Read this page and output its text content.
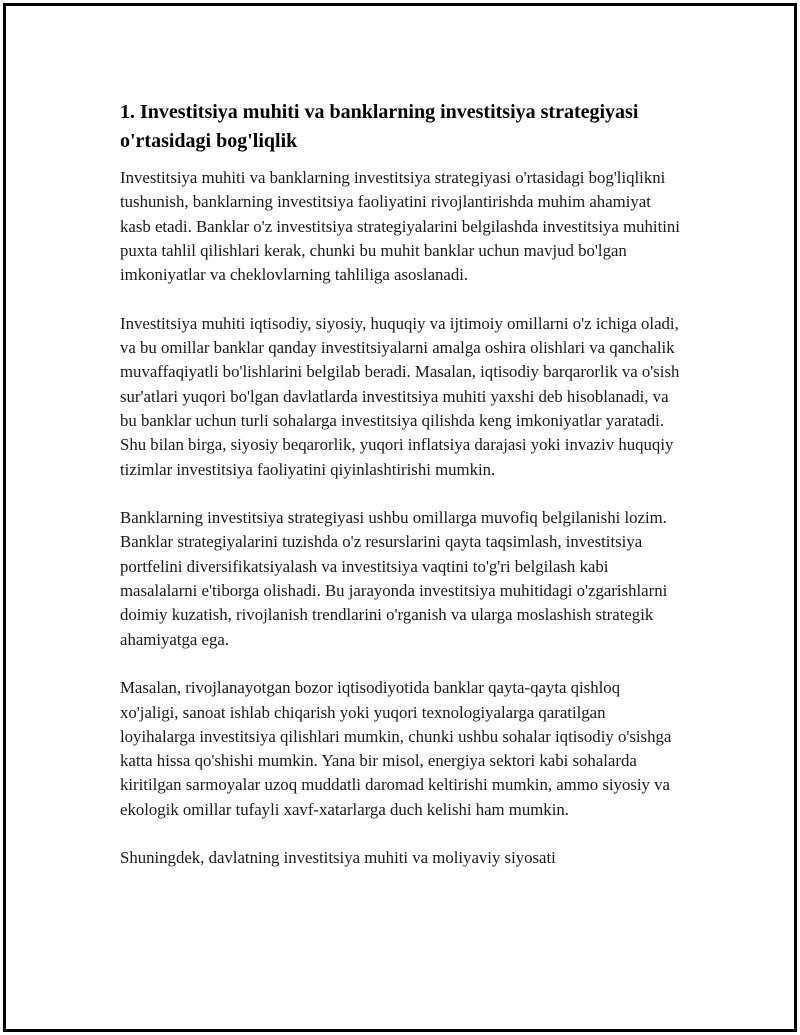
1. Investitsiya muhiti va banklarning investitsiya strategiyasi o'rtasidagi bog'liqlik

Investitsiya muhiti va banklarning investitsiya strategiyasi o'rtasidagi bog'liqlikni tushunish, banklarning investitsiya faoliyatini rivojlantirishda muhim ahamiyat kasb etadi. Banklar o'z investitsiya strategiyalarini belgilashda investitsiya muhitini puxta tahlil qilishlari kerak, chunki bu muhit banklar uchun mavjud bo'lgan imkoniyatlar va cheklovlarning tahliliga asoslanadi.

Investitsiya muhiti iqtisodiy, siyosiy, huquqiy va ijtimoiy omillarni o'z ichiga oladi, va bu omillar banklar qanday investitsiyalarni amalga oshira olishlari va qanchalik muvaffaqiyatli bo'lishlarini belgilab beradi. Masalan, iqtisodiy barqarorlik va o'sish sur'atlari yuqori bo'lgan davlatlarda investitsiya muhiti yaxshi deb hisoblanadi, va bu banklar uchun turli sohalarga investitsiya qilishda keng imkoniyatlar yaratadi. Shu bilan birga, siyosiy beqarorlik, yuqori inflatsiya darajasi yoki invaziv huquqiy tizimlar investitsiya faoliyatini qiyinlashtirishi mumkin.

Banklarning investitsiya strategiyasi ushbu omillarga muvofiq belgilanishi lozim. Banklar strategiyalarini tuzishda o'z resurslarini qayta taqsimlash, investitsiya portfelini diversifikatsiyalash va investitsiya vaqtini to'g'ri belgilash kabi masalalarni e'tiborga olishadi. Bu jarayonda investitsiya muhitidagi o'zgarishlarni doimiy kuzatish, rivojlanish trendlarini o'rganish va ularga moslashish strategik ahamiyatga ega.

Masalan, rivojlanayotgan bozor iqtisodiyotida banklar qayta-qayta qishloq xo'jaligi, sanoat ishlab chiqarish yoki yuqori texnologiyalarga qaratilgan loyihalarga investitsiya qilishlari mumkin, chunki ushbu sohalar iqtisodiy o'sishga katta hissa qo'shishi mumkin. Yana bir misol, energiya sektori kabi sohalarda kiritilgan sarmoyalar uzoq muddatli daromad keltirishi mumkin, ammo siyosiy va ekologik omillar tufayli xavf-xatarlarga duch kelishi ham mumkin.

Shuningdek, davlatning investitsiya muhiti va moliyaviy siyosati
